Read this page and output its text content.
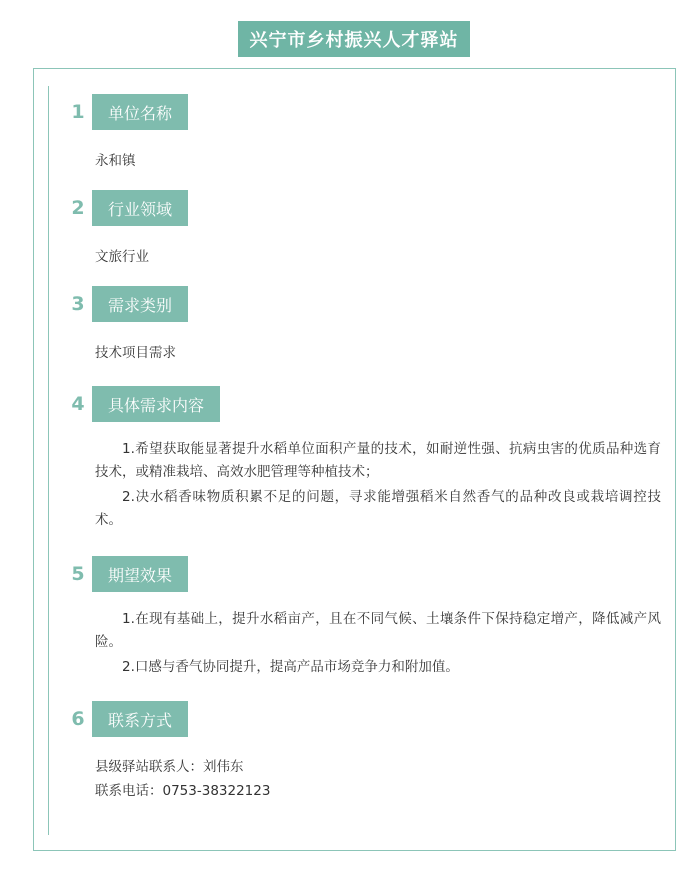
兴宁市乡村振兴人才驿站
1	单位名称
永和镇
2	行业领域
文旅行业
3	需求类别
技术项目需求
4	具体需求内容
1.希望获取能显著提升水稻单位面积产量的技术，如耐逆性强、抗病虫害的优质品种选育技术，或精准栽培、高效水肥管理等种植技术；
2.决水稻香味物质积累不足的问题，寻求能增强稻米自然香气的品种改良或栽培调控技术。
5	期望效果
1.在现有基础上，提升水稻亩产，且在不同气候、土壤条件下保持稳定增产，降低减产风险。
2.口感与香气协同提升，提高产品市场竞争力和附加值。
6	联系方式
县级驿站联系人：刘伟东
联系电话：0753-38322123
